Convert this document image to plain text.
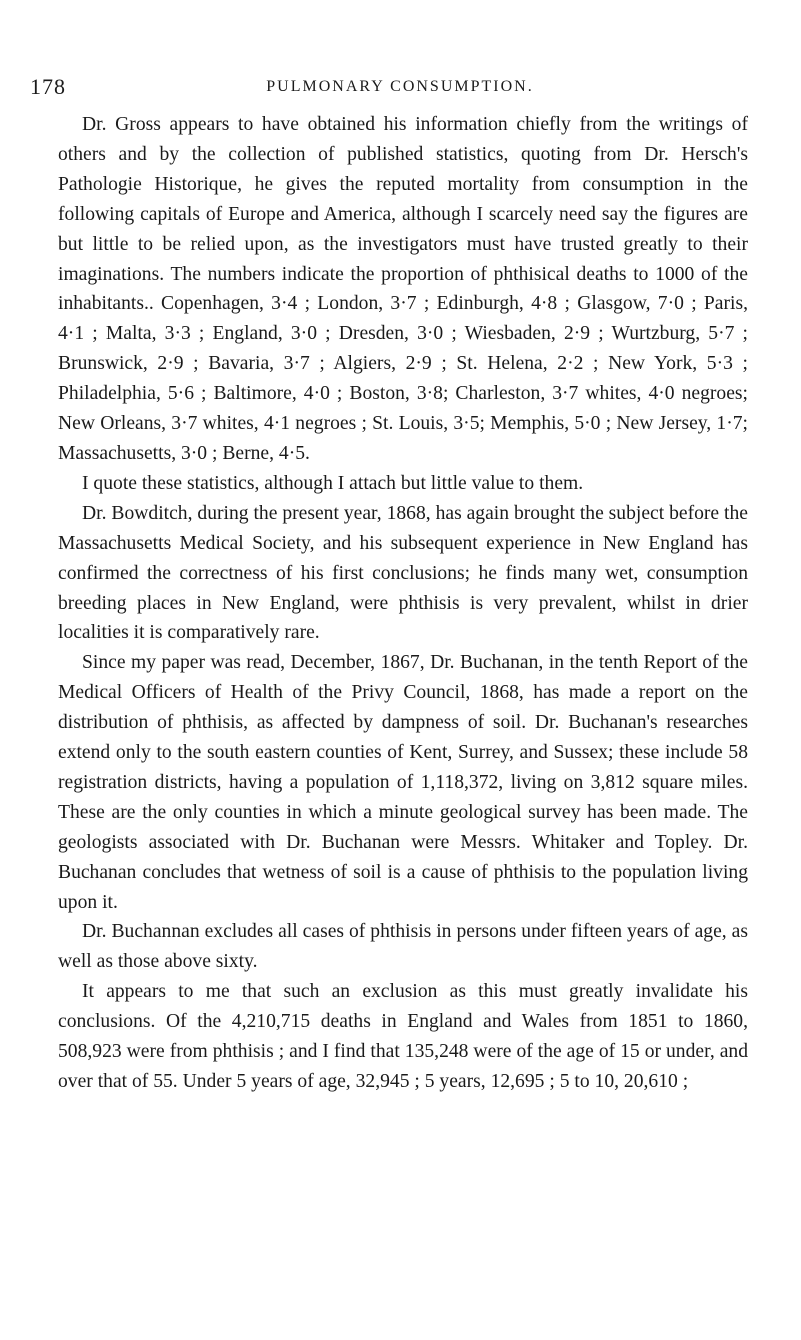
178	PULMONARY CONSUMPTION.

Dr. Gross appears to have obtained his information chiefly from the writings of others and by the collection of published statistics, quoting from Dr. Hersch's Pathologie Historique, he gives the reputed mortality from consumption in the following capitals of Europe and America, although I scarcely need say the figures are but little to be relied upon, as the investigators must have trusted greatly to their imaginations. The numbers indicate the proportion of phthisical deaths to 1000 of the inhabitants.. Copenhagen, 3·4 ; London, 3·7 ; Edinburgh, 4·8 ; Glasgow, 7·0 ; Paris, 4·1 ; Malta, 3·3 ; England, 3·0 ; Dresden, 3·0 ; Wiesbaden, 2·9 ; Wurtzburg, 5·7 ; Brunswick, 2·9 ; Bavaria, 3·7 ; Algiers, 2·9 ; St. Helena, 2·2 ; New York, 5·3 ; Philadelphia, 5·6 ; Baltimore, 4·0 ; Boston, 3·8; Charleston, 3·7 whites, 4·0 negroes; New Orleans, 3·7 whites, 4·1 negroes ; St. Louis, 3·5; Memphis, 5·0 ; New Jersey, 1·7; Massachusetts, 3·0 ; Berne, 4·5.

I quote these statistics, although I attach but little value to them.

Dr. Bowditch, during the present year, 1868, has again brought the subject before the Massachusetts Medical Society, and his subsequent experience in New England has confirmed the correctness of his first conclusions; he finds many wet, consumption breeding places in New England, were phthisis is very prevalent, whilst in drier localities it is comparatively rare.

Since my paper was read, December, 1867, Dr. Buchanan, in the tenth Report of the Medical Officers of Health of the Privy Council, 1868, has made a report on the distribution of phthisis, as affected by dampness of soil. Dr. Buchanan's researches extend only to the south eastern counties of Kent, Surrey, and Sussex; these include 58 registration districts, having a population of 1,118,372, living on 3,812 square miles. These are the only counties in which a minute geological survey has been made. The geologists associated with Dr. Buchanan were Messrs. Whitaker and Topley. Dr. Buchanan concludes that wetness of soil is a cause of phthisis to the population living upon it.

Dr. Buchannan excludes all cases of phthisis in persons under fifteen years of age, as well as those above sixty.

It appears to me that such an exclusion as this must greatly invalidate his conclusions. Of the 4,210,715 deaths in England and Wales from 1851 to 1860, 508,923 were from phthisis ; and I find that 135,248 were of the age of 15 or under, and over that of 55. Under 5 years of age, 32,945 ; 5 years, 12,695 ; 5 to 10, 20,610 ;
